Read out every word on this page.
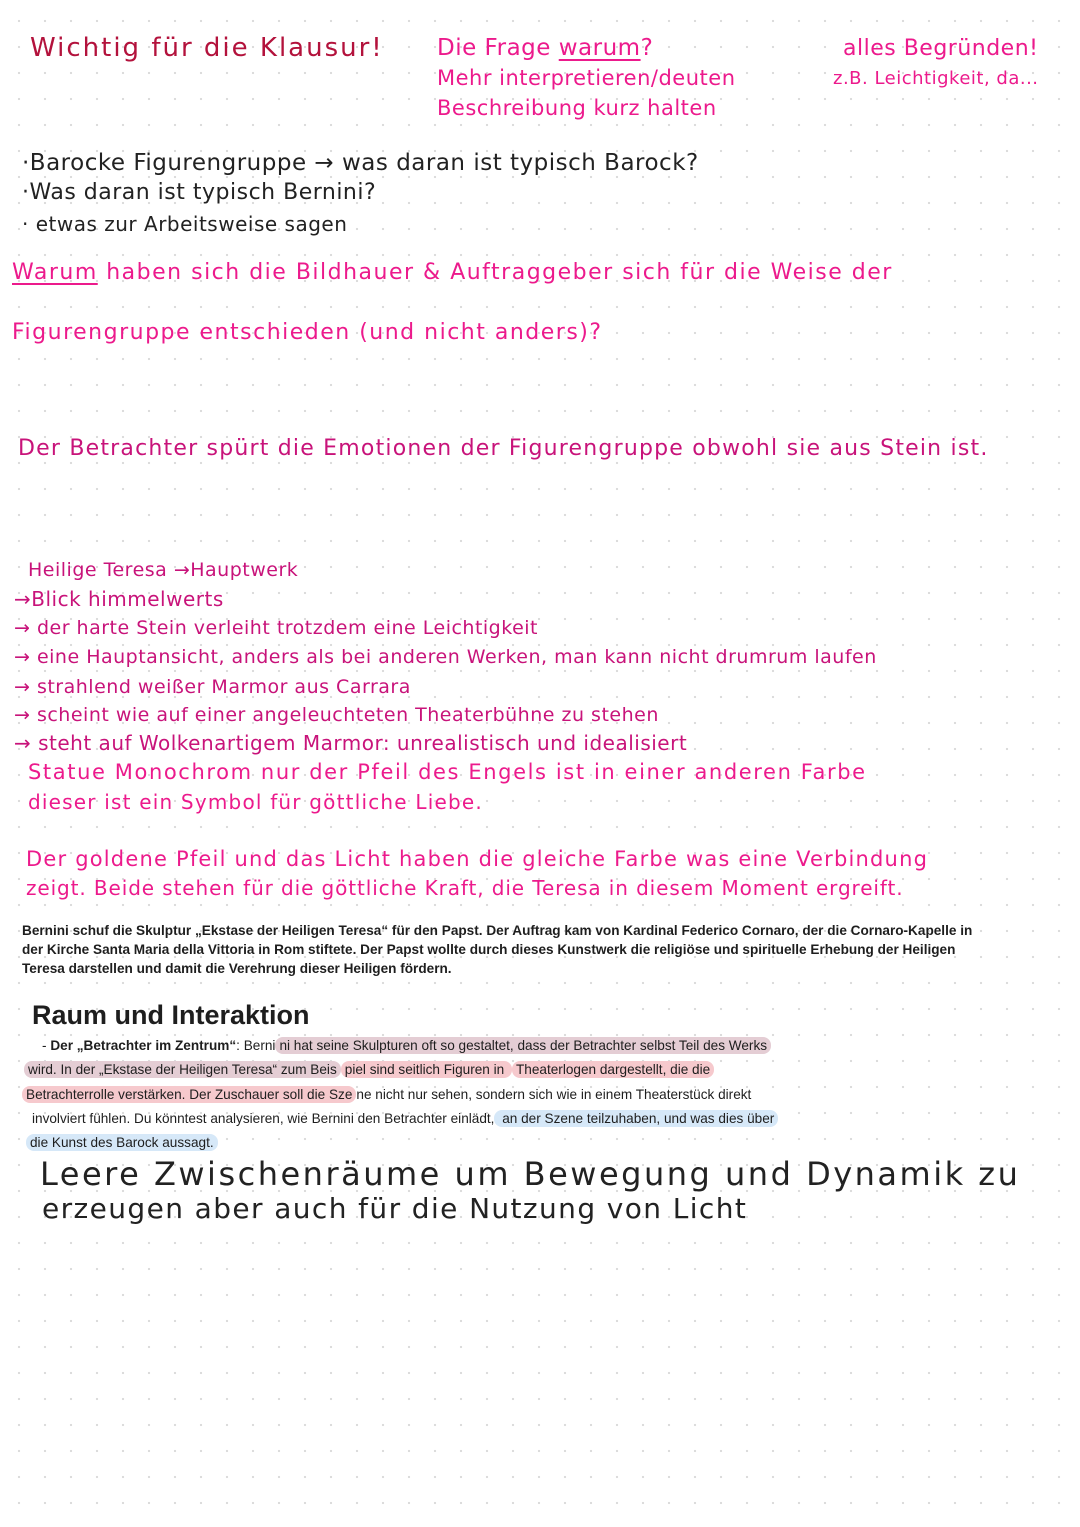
Wichtig für die Klausur! Die Frage warum?

Mehr interpretieren/deuten

Beschreibung kurz halten

alles Begründen!

z.B. Leichtigkeit, da...

·Barocke Figurengruppe → was daran ist typisch Barock?

·Was daran ist typisch Bernini?

· etwas zur Arbeitsweise sagen

Warum haben sich die Bildhauer & Auftraggeber sich für die Weise der

Figurengruppe entschieden (und nicht anders)?

Der Betrachter spürt die Emotionen der Figurengruppe obwohl sie aus Stein ist.

Heilige Teresa →Hauptwerk

→Blick himmelwerts

→ der harte Stein verleiht trotzdem eine Leichtigkeit

→ eine Hauptansicht, anders als bei anderen Werken, man kann nicht drumrum laufen

→ strahlend weißer Marmor aus Carrara

→ scheint wie auf einer angeleuchteten Theaterbühne zu stehen

→ steht auf Wolkenartigem Marmor: unrealistisch und idealisiert

Statue Monochrom nur der Pfeil des Engels ist in einer anderen Farbe

dieser ist ein Symbol für göttliche Liebe.

Der goldene Pfeil und das Licht haben die gleiche Farbe was eine Verbindung

zeigt. Beide stehen für die göttliche Kraft, die Teresa in diesem Moment ergreift.

Bernini schuf die Skulptur „Ekstase der Heiligen Teresa“ für den Papst. Der Auftrag kam von Kardinal Federico Cornaro, der die Cornaro-Kapelle in der Kirche Santa Maria della Vittoria in Rom stiftete. Der Papst wollte durch dieses Kunstwerk die religiöse und spirituelle Erhebung der Heiligen Teresa darstellen und damit die Verehrung dieser Heiligen fördern.

Raum und Interaktion

- Der „Betrachter im Zentrum“: Berni ni hat seine Skulpturen oft so gestaltet, dass der Betrachter selbst Teil des Werks
wird. In der „Ekstase der Heiligen Teresa“ zum Beis piel sind seitlich Figuren in Theaterlogen dargestellt, die die
Betrachterrolle verstärken. Der Zuschauer soll die Sze ne nicht nur sehen, sondern sich wie in einem Theaterstück direkt
involviert fühlen. Du könntest analysieren, wie Bernini den Betrachter einlädt, an der Szene teilzuhaben, und was dies über
die Kunst des Barock aussagt.

Leere Zwischenräume um Bewegung und Dynamik zu

erzeugen aber auch für die Nutzung von Licht
